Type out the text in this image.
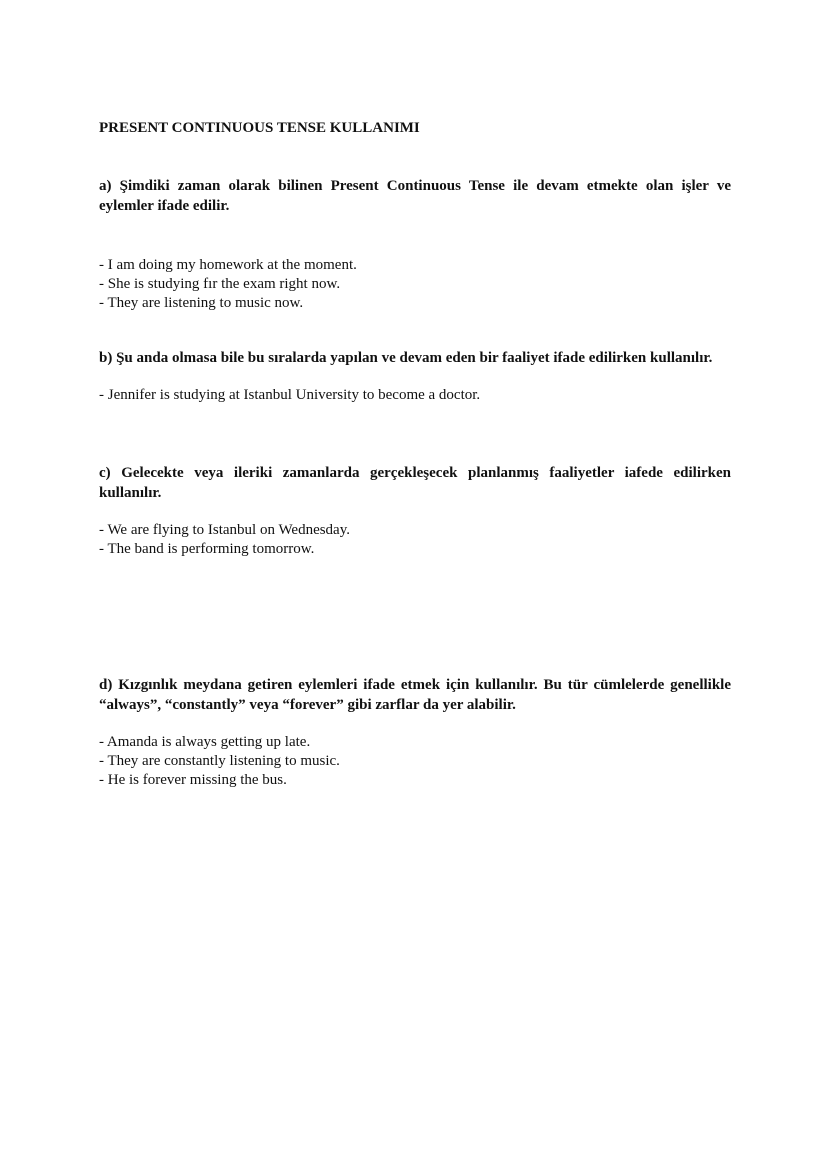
PRESENT CONTINUOUS TENSE KULLANIMI

a) Şimdiki zaman olarak bilinen Present Continuous Tense ile devam etmekte olan işler ve eylemler ifade edilir.

- I am doing my homework at the moment.
- She is studying fır the exam right now.
- They are listening to music now.

b) Şu anda olmasa bile bu sıralarda yapılan ve devam eden bir faaliyet ifade edilirken kullanılır.

- Jennifer is studying at Istanbul University to become a doctor.

c) Gelecekte veya ileriki zamanlarda gerçekleşecek planlanmış faaliyetler iafede edilirken kullanılır.

- We are flying to Istanbul on Wednesday.
- The band is performing tomorrow.

d) Kızgınlık meydana getiren eylemleri ifade etmek için kullanılır. Bu tür cümlelerde genellikle “always”, “constantly” veya “forever” gibi zarflar da yer alabilir.

- Amanda is always getting up late.
- They are constantly listening to music.
- He is forever missing the bus.
